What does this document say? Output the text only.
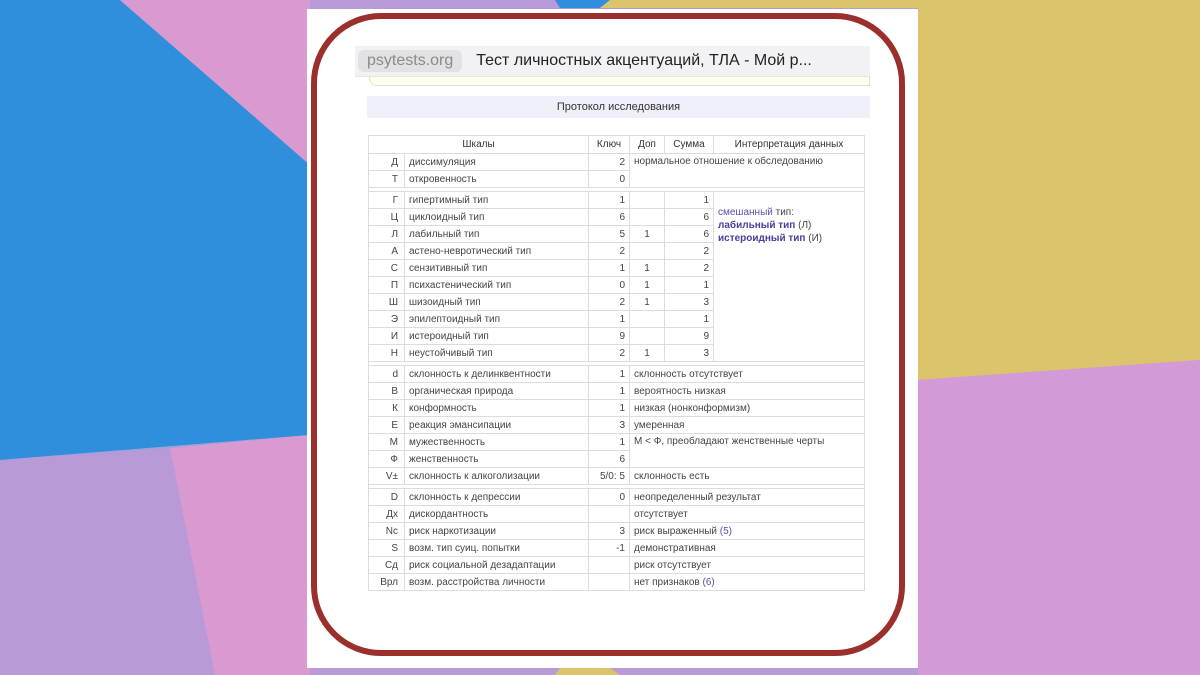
psytests.org	Тест личностных акцентуаций, ТЛА - Мой р...
Протокол исследования
Шкалы		Ключ	Доп	Сумма	Интерпретация данных
Д	диссимуляция	2	нормальное отношение к обследованию		
Т	откровенность	0			

Г	гипертимный тип	1		1	смешанный тип:
лабильный тип (Л)
истероидный тип (И)
Ц	циклоидный тип	6		6	
Л	лабильный тип	5	1	6	
А	астено-невротический тип	2		2	
С	сензитивный тип	1	1	2	
П	психастенический тип	0	1	1	
Ш	шизоидный тип	2	1	3	
Э	эпилептоидный тип	1		1	
И	истероидный тип	9		9	
Н	неустойчивый тип	2	1	3	

d	склонность к делинквентности	1	склонность отсутствует		
В	органическая природа	1	вероятность низкая		
К	конформность	1	низкая (нонконформизм)		
Е	реакция эмансипации	3	умеренная		
М	мужественность	1	М < Ф, преобладают женственные черты		
Ф	женственность	6			
V±	склонность к алкоголизации	5/0: 5	склонность есть		

D	склонность к депрессии	0	неопределенный результат		
Дх	дискордантность		отсутствует		
Nc	риск наркотизации	3	риск выраженный (5)		
S	возм. тип суиц. попытки	-1	демонстративная		
Сд	риск социальной дезадаптации		риск отсутствует		
Врл	возм. расстройства личности		нет признаков (6)		
